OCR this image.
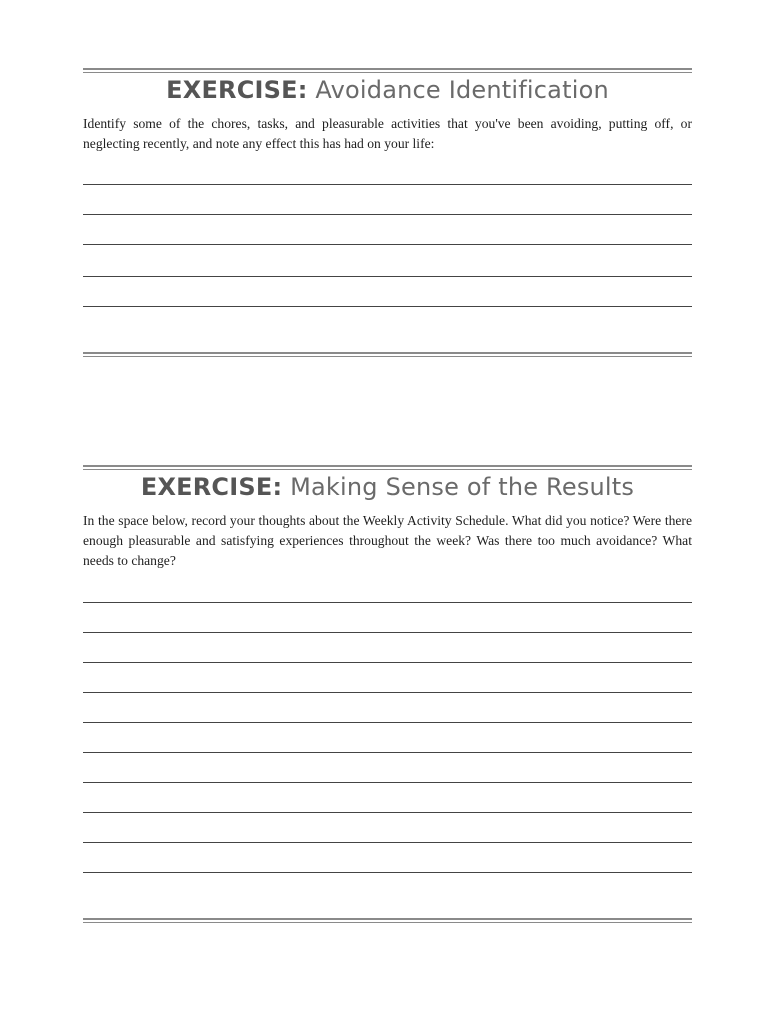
EXERCISE: Avoidance Identification
Identify some of the chores, tasks, and pleasurable activities that you've been avoiding, putting off, or neglecting recently, and note any effect this has had on your life:
EXERCISE: Making Sense of the Results
In the space below, record your thoughts about the Weekly Activity Schedule. What did you notice? Were there enough pleasurable and satisfying experiences throughout the week? Was there too much avoidance? What needs to change?
